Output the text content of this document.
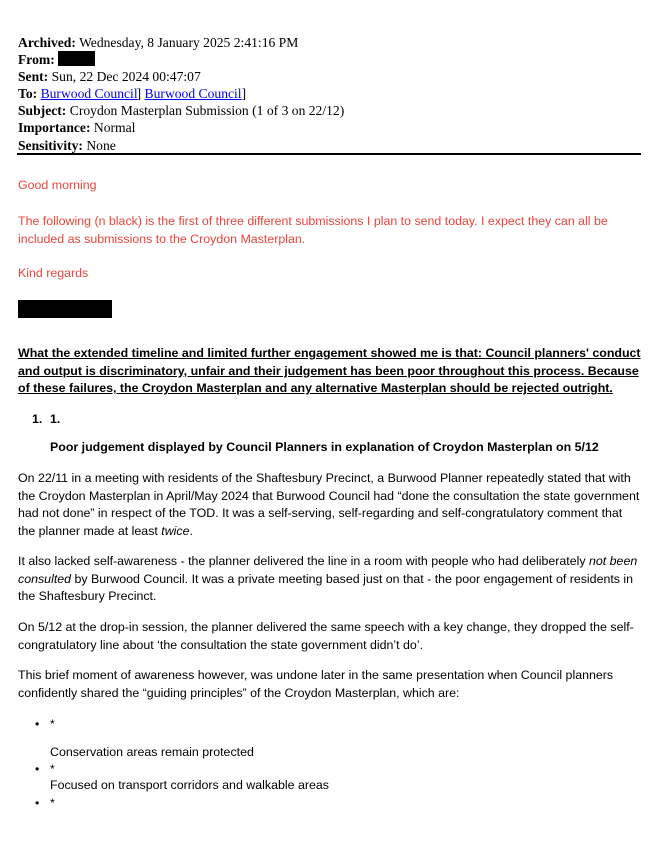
Archived: Wednesday, 8 January 2025 2:41:16 PM
From:
Sent: Sun, 22 Dec 2024 00:47:07
To: Burwood Council] Burwood Council]
Subject: Croydon Masterplan Submission (1 of 3 on 22/12)
Importance: Normal
Sensitivity: None

Good morning

The following (n black) is the first of three different submissions I plan to send today. I expect they can all be included as submissions to the Croydon Masterplan.

Kind regards

What the extended timeline and limited further engagement showed me is that: Council planners' conduct and output is discriminatory, unfair and their judgement has been poor throughout this process. Because of these failures, the Croydon Masterplan and any alternative Masterplan should be rejected outright.

1. 1.

Poor judgement displayed by Council Planners in explanation of Croydon Masterplan on 5/12

On 22/11 in a meeting with residents of the Shaftesbury Precinct, a Burwood Planner repeatedly stated that with the Croydon Masterplan in April/May 2024 that Burwood Council had “done the consultation the state government had not done” in respect of the TOD. It was a self-serving, self-regarding and self-congratulatory comment that the planner made at least twice.

It also lacked self-awareness - the planner delivered the line in a room with people who had deliberately not been consulted by Burwood Council. It was a private meeting based just on that - the poor engagement of residents in the Shaftesbury Precinct.

On 5/12 at the drop-in session, the planner delivered the same speech with a key change, they dropped the self-congratulatory line about ‘the consultation the state government didn’t do’.

This brief moment of awareness however, was undone later in the same presentation when Council planners confidently shared the “guiding principles” of the Croydon Masterplan, which are:

• *

Conservation areas remain protected

• *

Focused on transport corridors and walkable areas

• *
